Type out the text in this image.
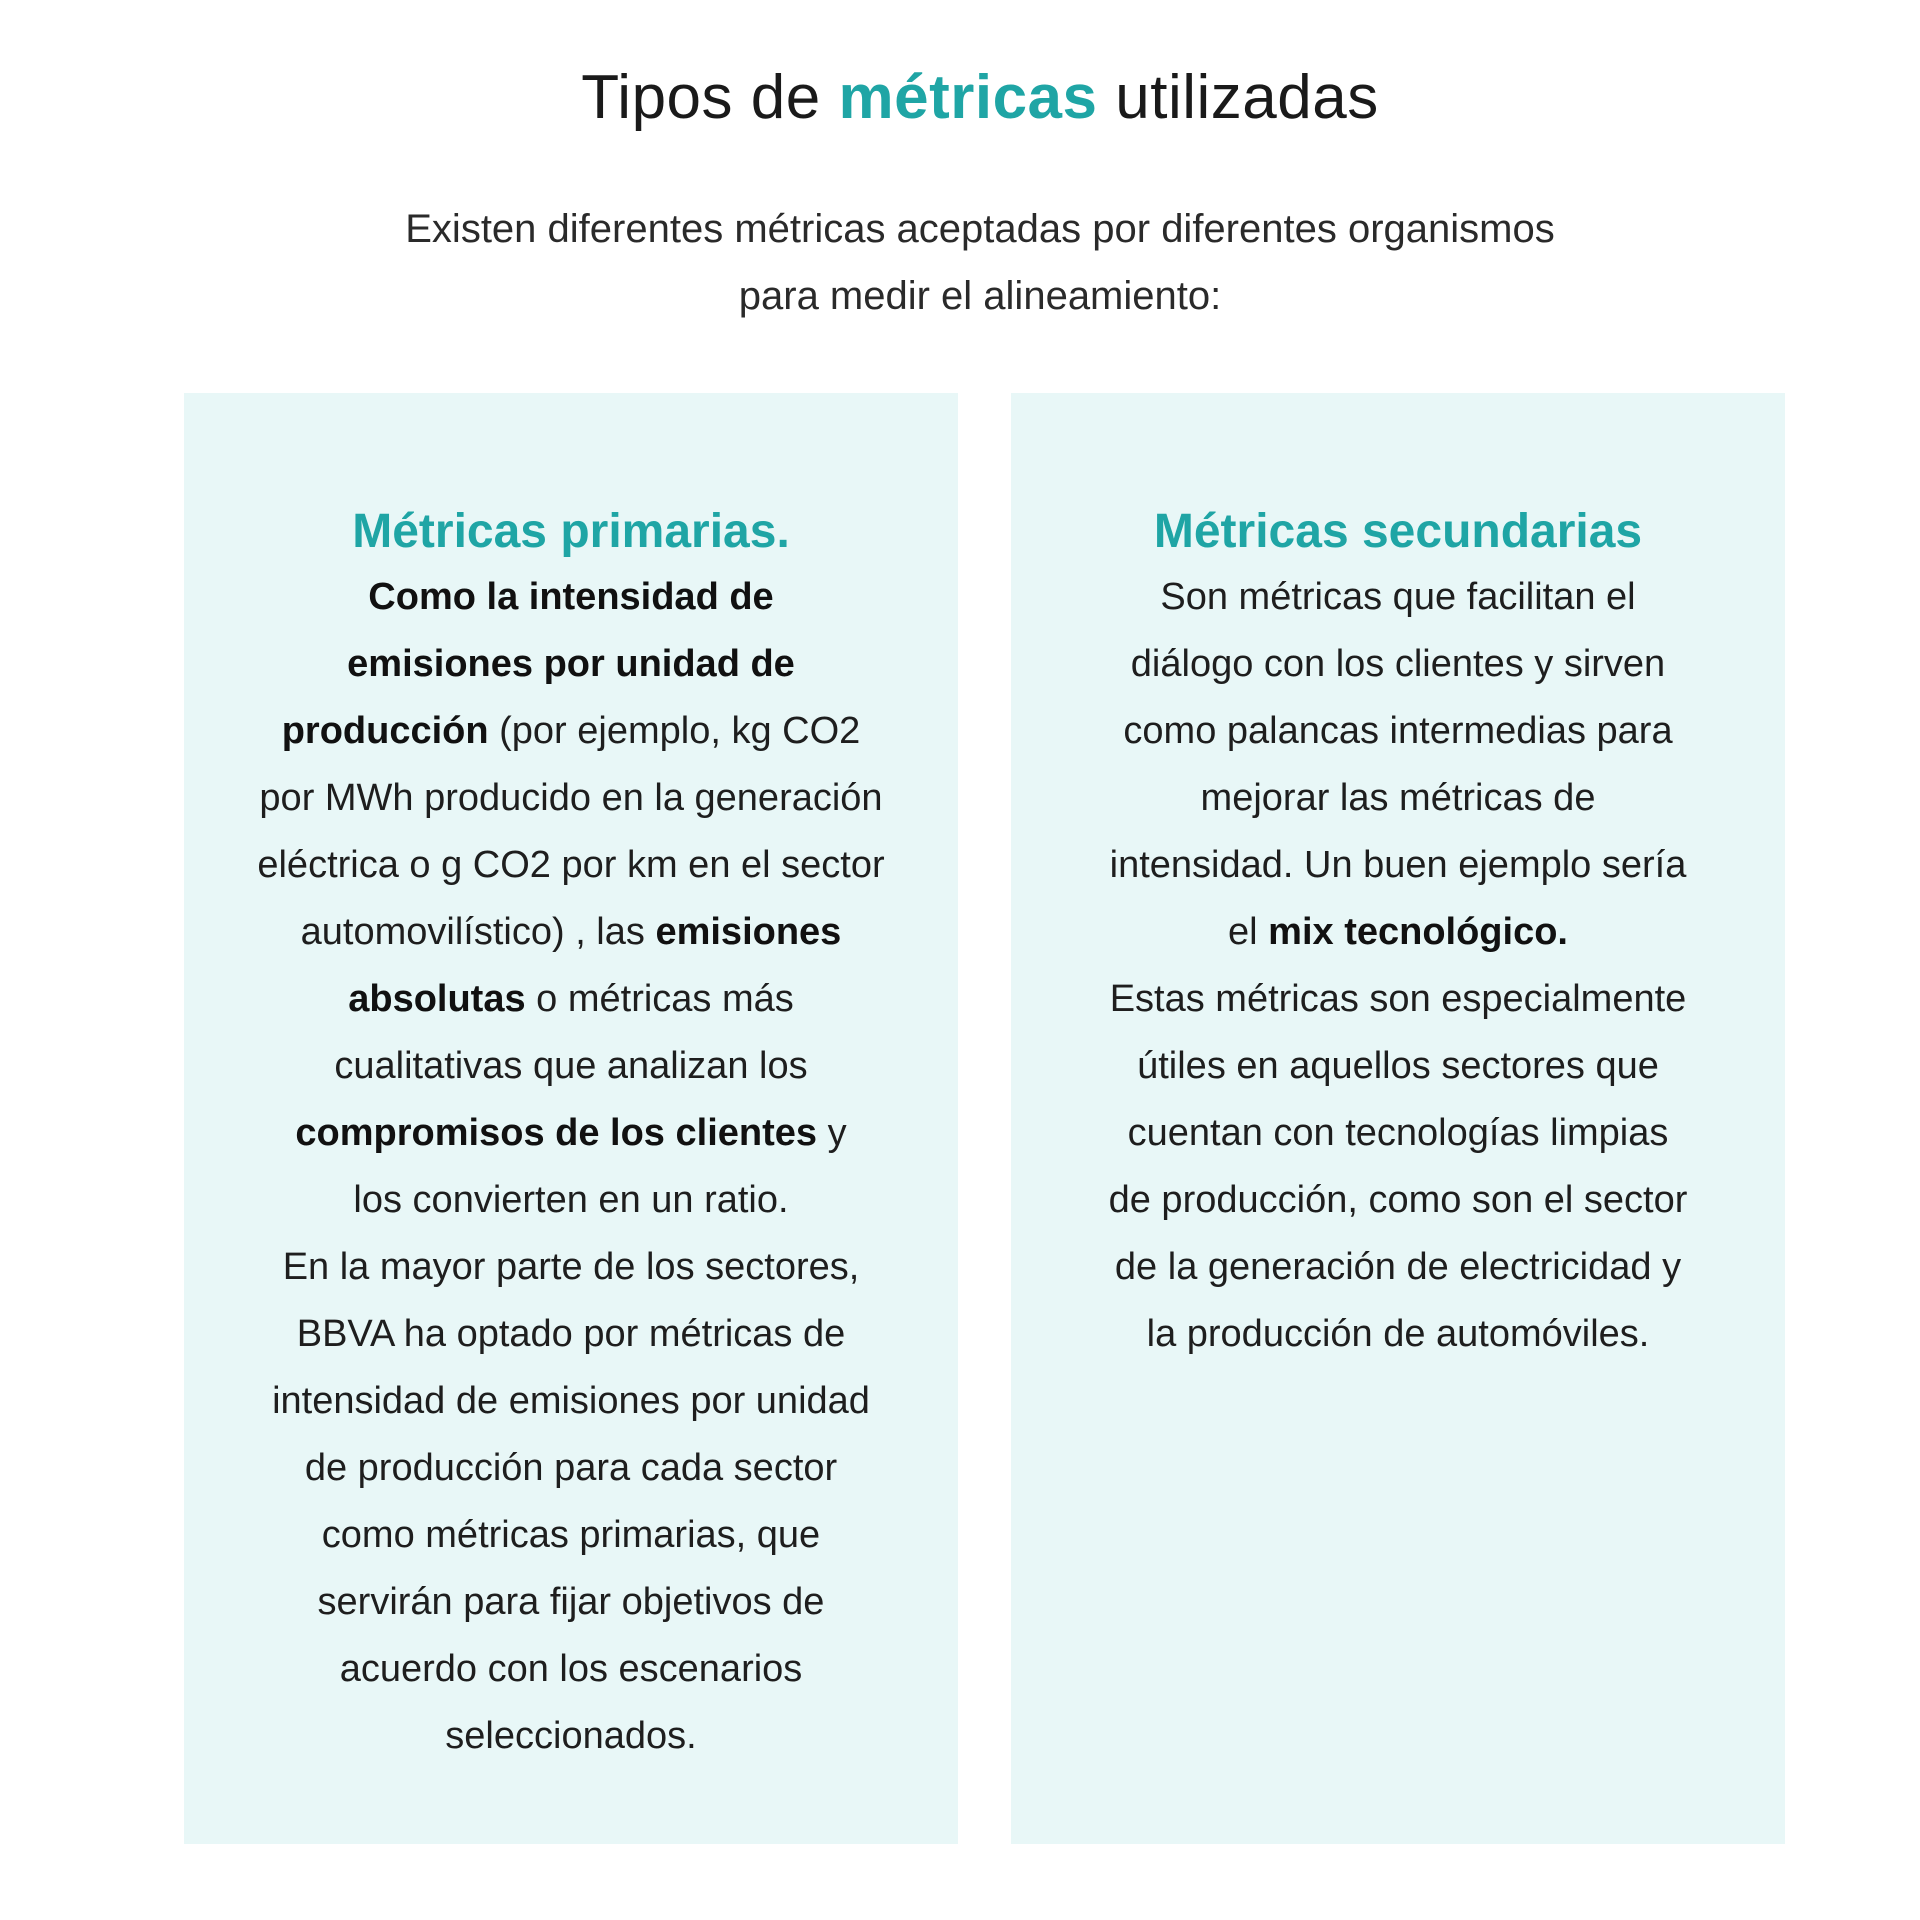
Tipos de métricas utilizadas

Existen diferentes métricas aceptadas por diferentes organismos
para medir el alineamiento:

Métricas primarias.

Como la intensidad de
emisiones por unidad de
producción (por ejemplo, kg CO2
por MWh producido en la generación
eléctrica o g CO2 por km en el sector
automovilístico) , las emisiones
absolutas o métricas más
cualitativas que analizan los
compromisos de los clientes y
los convierten en un ratio.
En la mayor parte de los sectores,
BBVA ha optado por métricas de
intensidad de emisiones por unidad
de producción para cada sector
como métricas primarias, que
servirán para fijar objetivos de
acuerdo con los escenarios
seleccionados.

Métricas secundarias

Son métricas que facilitan el
diálogo con los clientes y sirven
como palancas intermedias para
mejorar las métricas de
intensidad. Un buen ejemplo sería
el mix tecnológico.
Estas métricas son especialmente
útiles en aquellos sectores que
cuentan con tecnologías limpias
de producción, como son el sector
de la generación de electricidad y
la producción de automóviles.
